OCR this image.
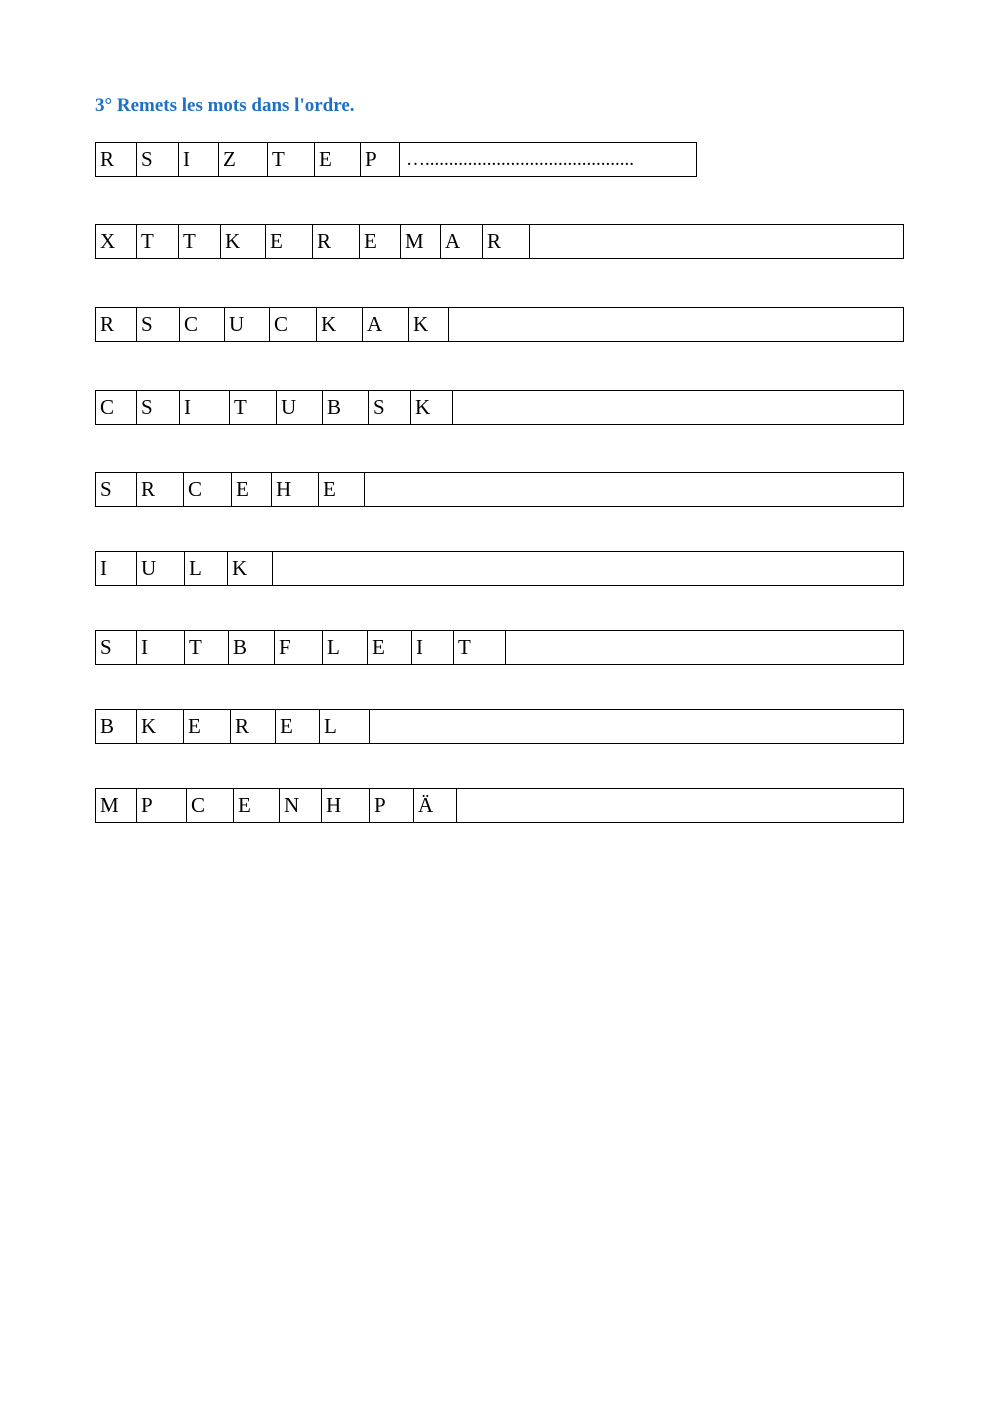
3° Remets les mots dans l'ordre.
R	S	I	Z	T	E	P	…............................................
X	T	T	K	E	R	E	M	A	R
R	S	C	U	C	K	A	K
C	S	I	T	U	B	S	K
S	R	C	E	H	E
I	U	L	K
S	I	T	B	F	L	E	I	T
B	K	E	R	E	L
M	P	C	E	N	H	P	Ä
